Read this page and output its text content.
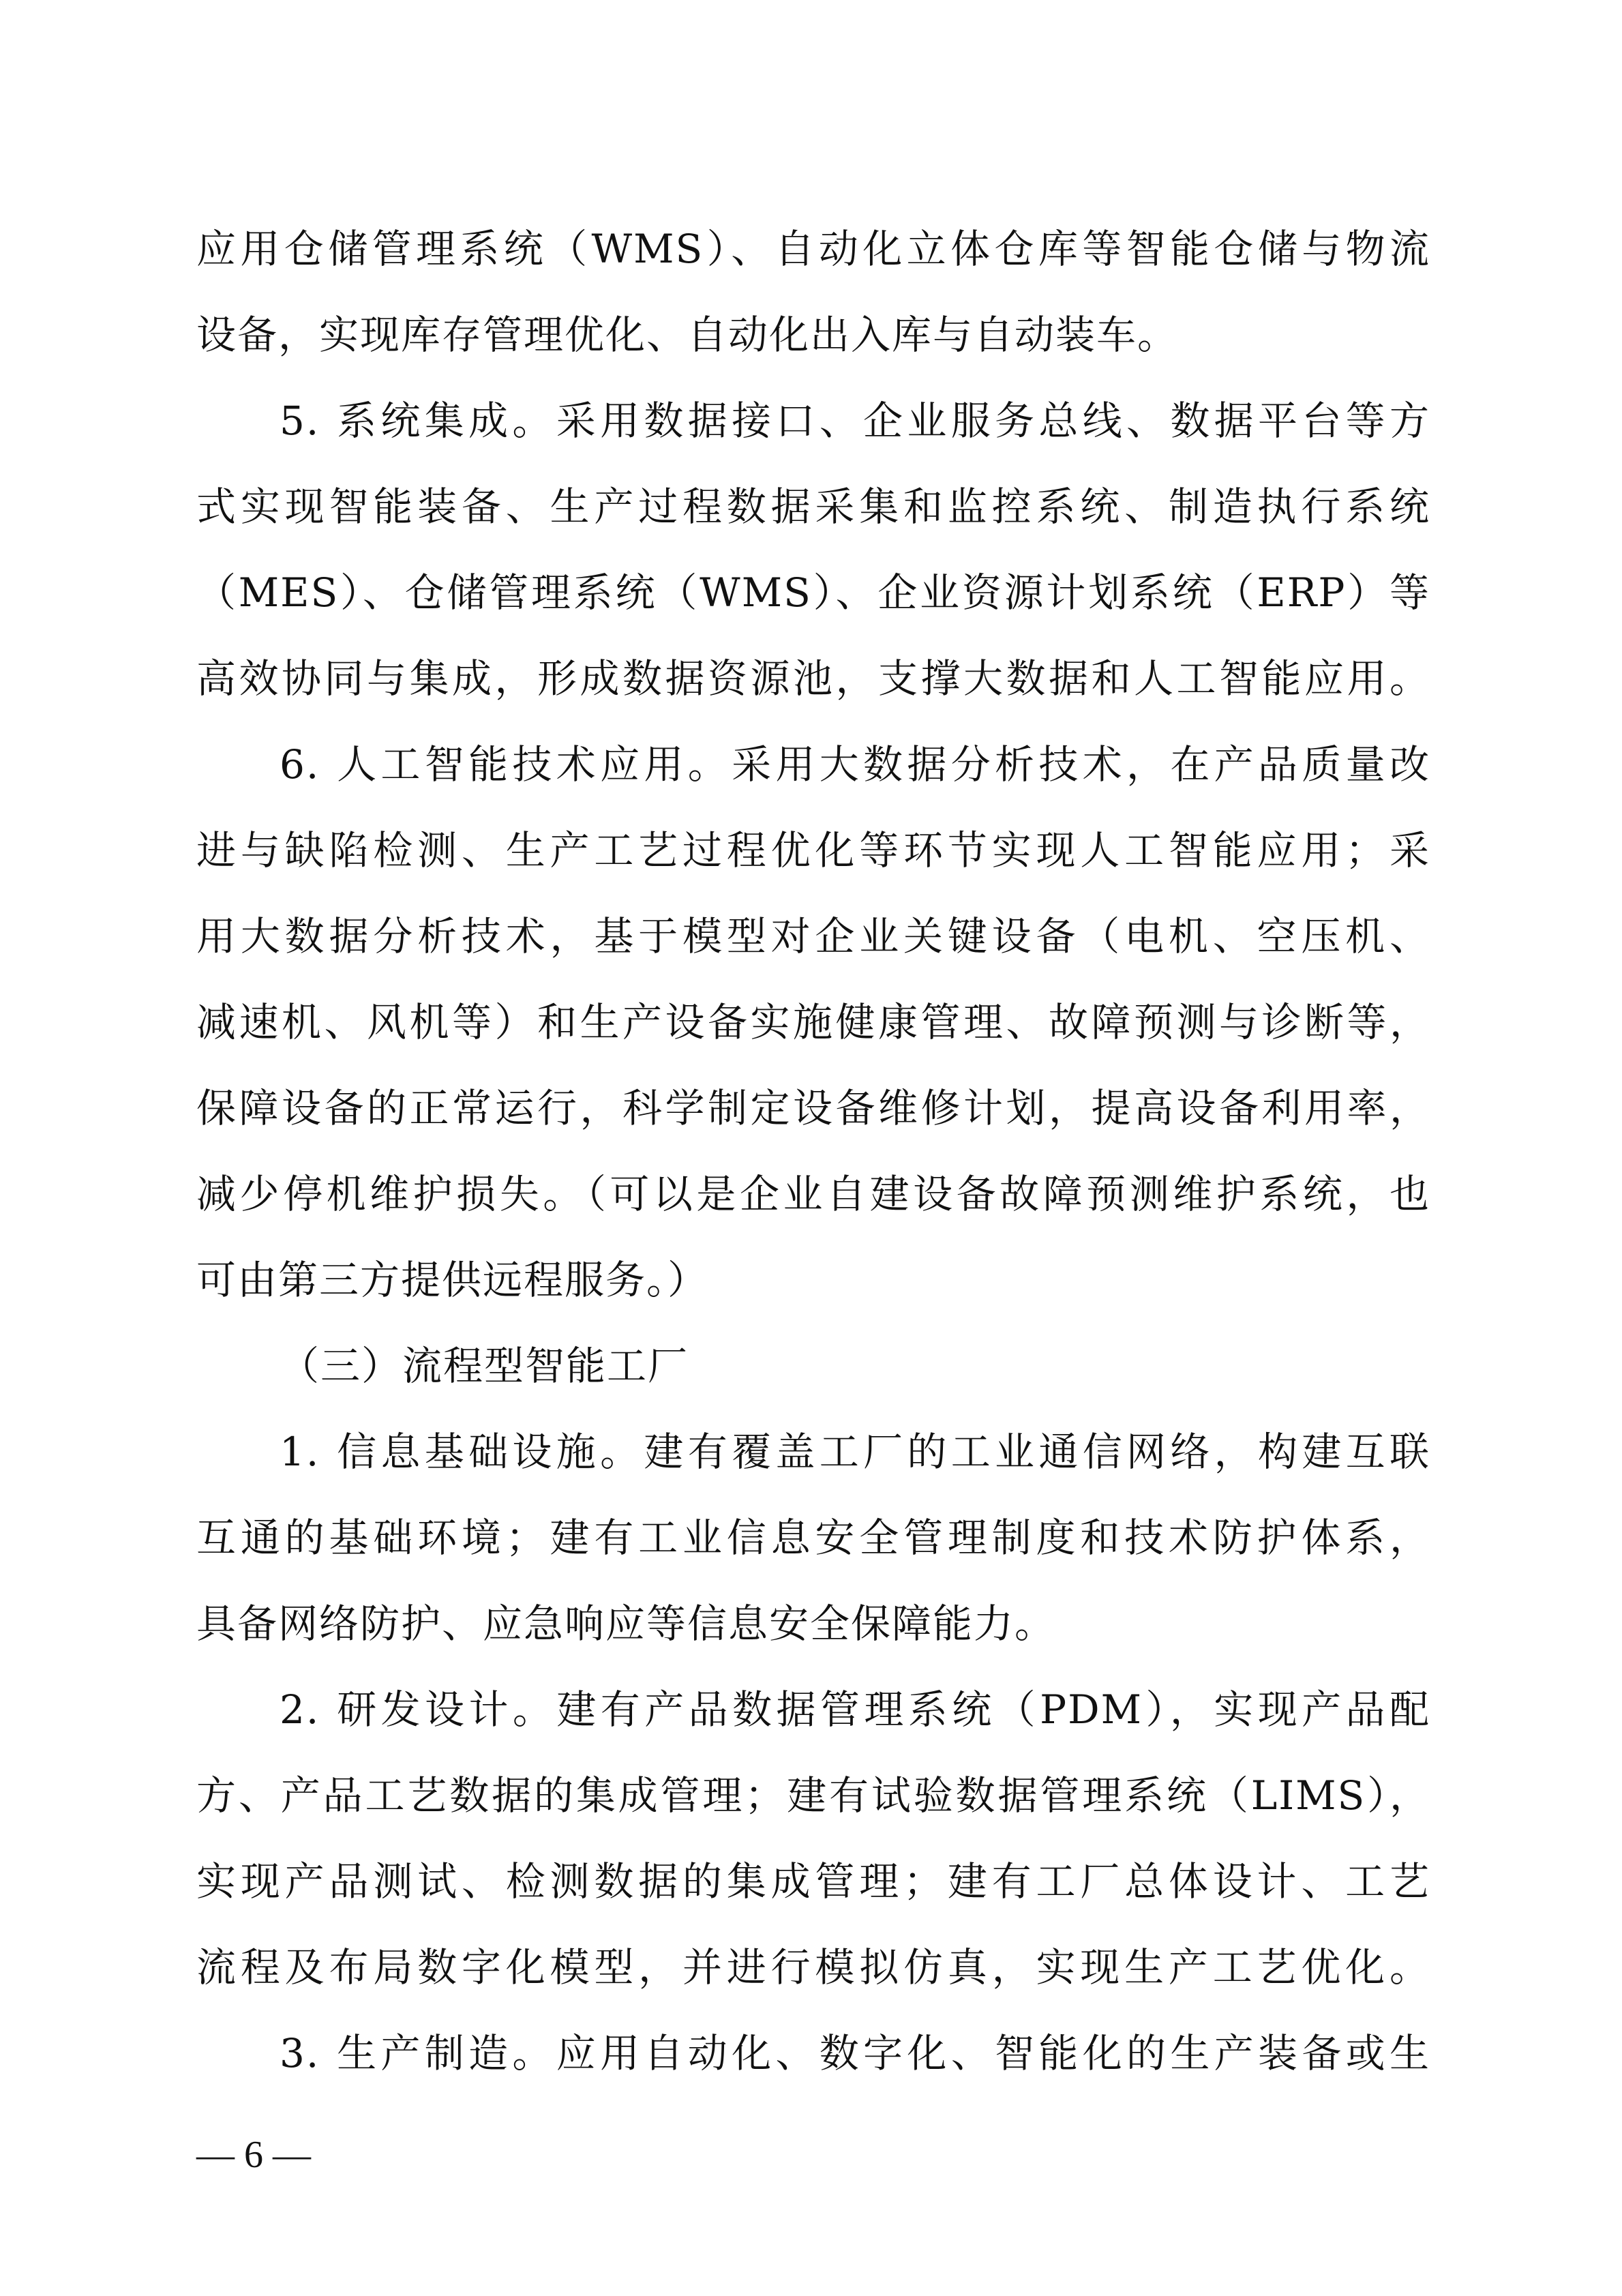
应用仓储管理系统（WMS）、自动化立体仓库等智能仓储与物流
设备，实现库存管理优化、自动化出入库与自动装车。
5. 系统集成。采用数据接口、企业服务总线、数据平台等方
式实现智能装备、生产过程数据采集和监控系统、制造执行系统
（MES）、仓储管理系统（WMS）、企业资源计划系统（ERP）等
高效协同与集成，形成数据资源池，支撑大数据和人工智能应用。
6. 人工智能技术应用。采用大数据分析技术，在产品质量改
进与缺陷检测、生产工艺过程优化等环节实现人工智能应用；采
用大数据分析技术，基于模型对企业关键设备（电机、空压机、
减速机、风机等）和生产设备实施健康管理、故障预测与诊断等，
保障设备的正常运行，科学制定设备维修计划，提高设备利用率，
减少停机维护损失。（可以是企业自建设备故障预测维护系统，也
可由第三方提供远程服务。）
（三）流程型智能工厂
1. 信息基础设施。建有覆盖工厂的工业通信网络，构建互联
互通的基础环境；建有工业信息安全管理制度和技术防护体系，
具备网络防护、应急响应等信息安全保障能力。
2. 研发设计。建有产品数据管理系统（PDM），实现产品配
方、产品工艺数据的集成管理；建有试验数据管理系统（LIMS），
实现产品测试、检测数据的集成管理；建有工厂总体设计、工艺
流程及布局数字化模型，并进行模拟仿真，实现生产工艺优化。
3. 生产制造。应用自动化、数字化、智能化的生产装备或生
— 6 —
